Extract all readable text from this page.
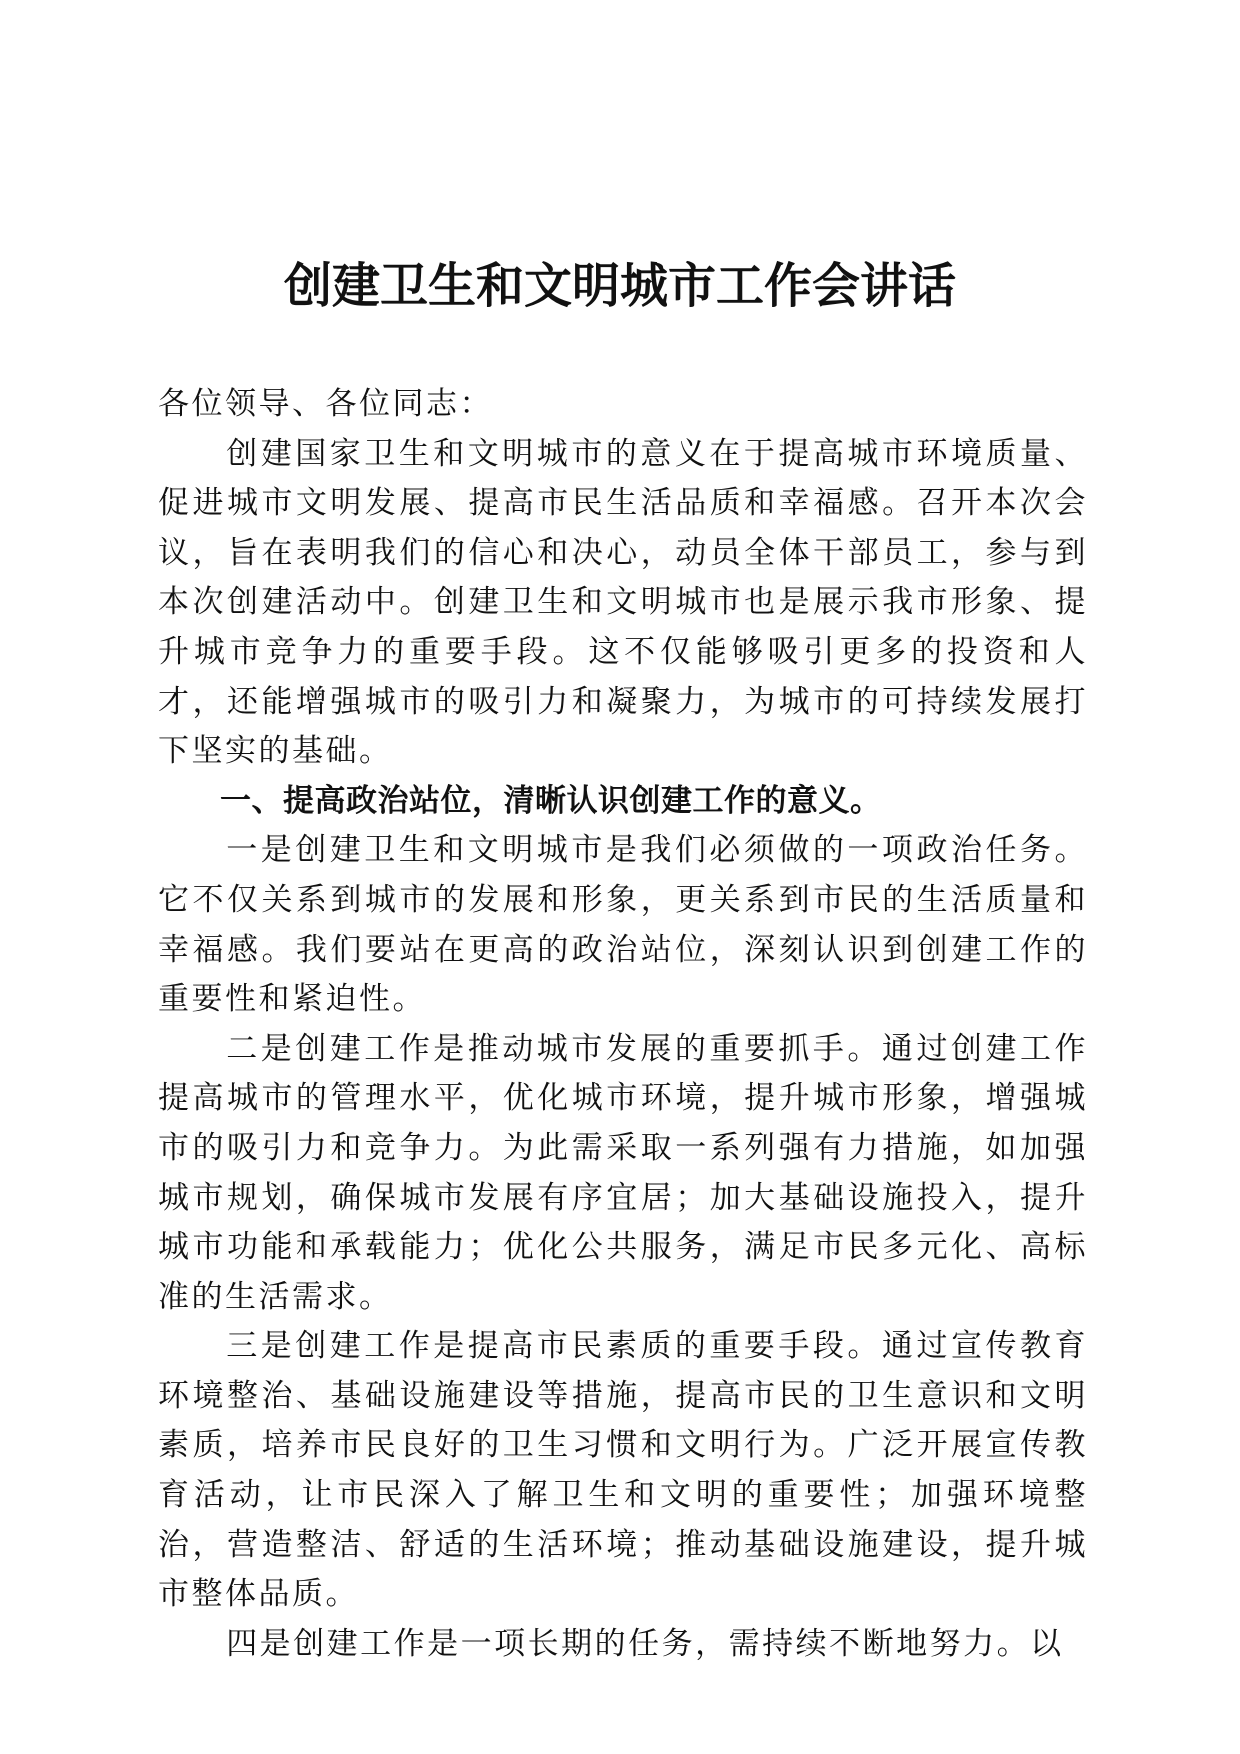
创建卫生和文明城市工作会讲话

各位领导、各位同志：

创建国家卫生和文明城市的意义在于提高城市环境质量、促进城市文明发展、提高市民生活品质和幸福感。召开本次会议，旨在表明我们的信心和决心，动员全体干部员工，参与到本次创建活动中。创建卫生和文明城市也是展示我市形象、提升城市竞争力的重要手段。这不仅能够吸引更多的投资和人才，还能增强城市的吸引力和凝聚力，为城市的可持续发展打下坚实的基础。

一、提高政治站位，清晰认识创建工作的意义。

一是创建卫生和文明城市是我们必须做的一项政治任务。它不仅关系到城市的发展和形象，更关系到市民的生活质量和幸福感。我们要站在更高的政治站位，深刻认识到创建工作的重要性和紧迫性。

二是创建工作是推动城市发展的重要抓手。通过创建工作提高城市的管理水平，优化城市环境，提升城市形象，增强城市的吸引力和竞争力。为此需采取一系列强有力措施，如加强城市规划，确保城市发展有序宜居；加大基础设施投入，提升城市功能和承载能力；优化公共服务，满足市民多元化、高标准的生活需求。

三是创建工作是提高市民素质的重要手段。通过宣传教育环境整治、基础设施建设等措施，提高市民的卫生意识和文明素质，培养市民良好的卫生习惯和文明行为。广泛开展宣传教育活动，让市民深入了解卫生和文明的重要性；加强环境整治，营造整洁、舒适的生活环境；推动基础设施建设，提升城市整体品质。

四是创建工作是一项长期的任务，需持续不断地努力。以
